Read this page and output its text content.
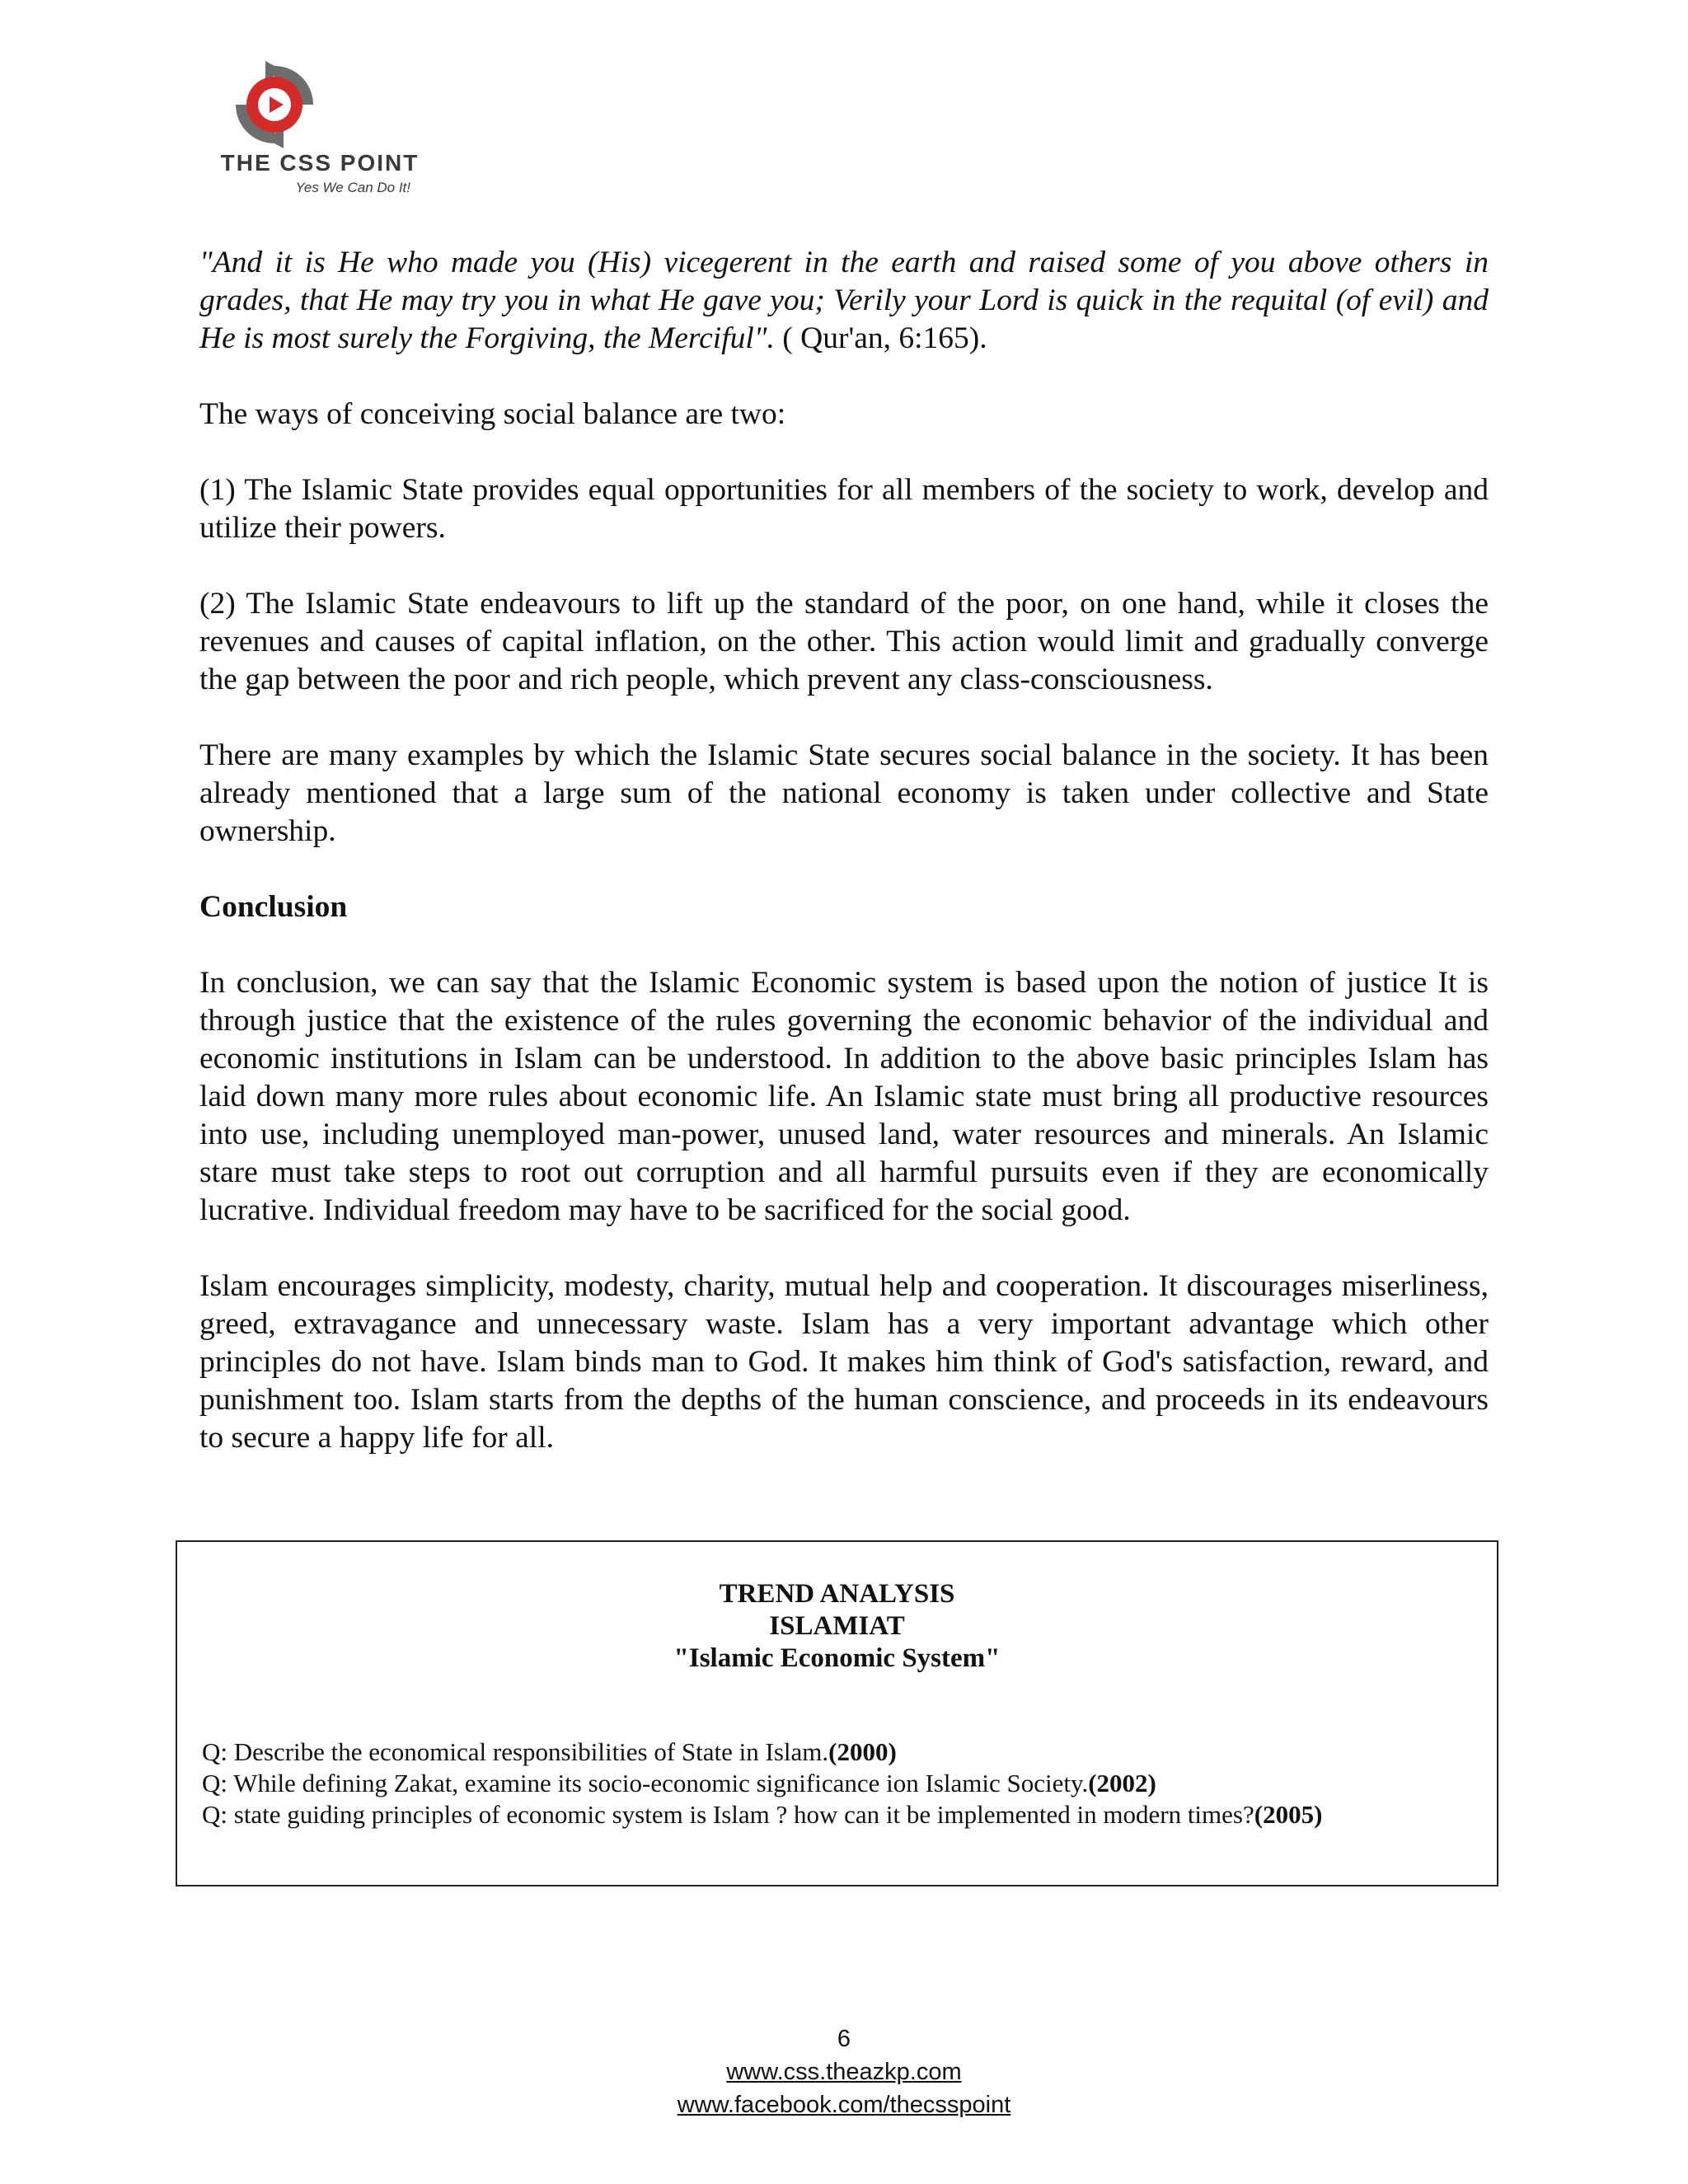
THE CSS POINT
Yes We Can Do It!

"And it is He who made you (His) vicegerent in the earth and raised some of you above others in grades, that He may try you in what He gave you; Verily your Lord is quick in the requital (of evil) and He is most surely the Forgiving, the Merciful". ( Qur'an, 6:165).

The ways of conceiving social balance are two:

(1) The Islamic State provides equal opportunities for all members of the society to work, develop and utilize their powers.

(2) The Islamic State endeavours to lift up the standard of the poor, on one hand, while it closes the revenues and causes of capital inflation, on the other. This action would limit and gradually converge the gap between the poor and rich people, which prevent any class-consciousness.

There are many examples by which the Islamic State secures social balance in the society. It has been already mentioned that a large sum of the national economy is taken under collective and State ownership.

Conclusion

In conclusion, we can say that the Islamic Economic system is based upon the notion of justice It is through justice that the existence of the rules governing the economic behavior of the individual and economic institutions in Islam can be understood. In addition to the above basic principles Islam has laid down many more rules about economic life. An Islamic state must bring all productive resources into use, including unemployed man-power, unused land, water resources and minerals. An Islamic stare must take steps to root out corruption and all harmful pursuits even if they are economically lucrative. Individual freedom may have to be sacrificed for the social good.

Islam encourages simplicity, modesty, charity, mutual help and cooperation. It discourages miserliness, greed, extravagance and unnecessary waste. Islam has a very important advantage which other principles do not have. Islam binds man to God. It makes him think of God's satisfaction, reward, and punishment too. Islam starts from the depths of the human conscience, and proceeds in its endeavours to secure a happy life for all.

TREND ANALYSIS
ISLAMIAT
"Islamic Economic System"
Q: Describe the economical responsibilities of State in Islam.(2000)
Q: While defining Zakat, examine its socio-economic significance ion Islamic Society.(2002)
Q: state guiding principles of economic system is Islam ? how can it be implemented in modern times?(2005)
6
www.css.theazkp.com
www.facebook.com/thecsspoint
